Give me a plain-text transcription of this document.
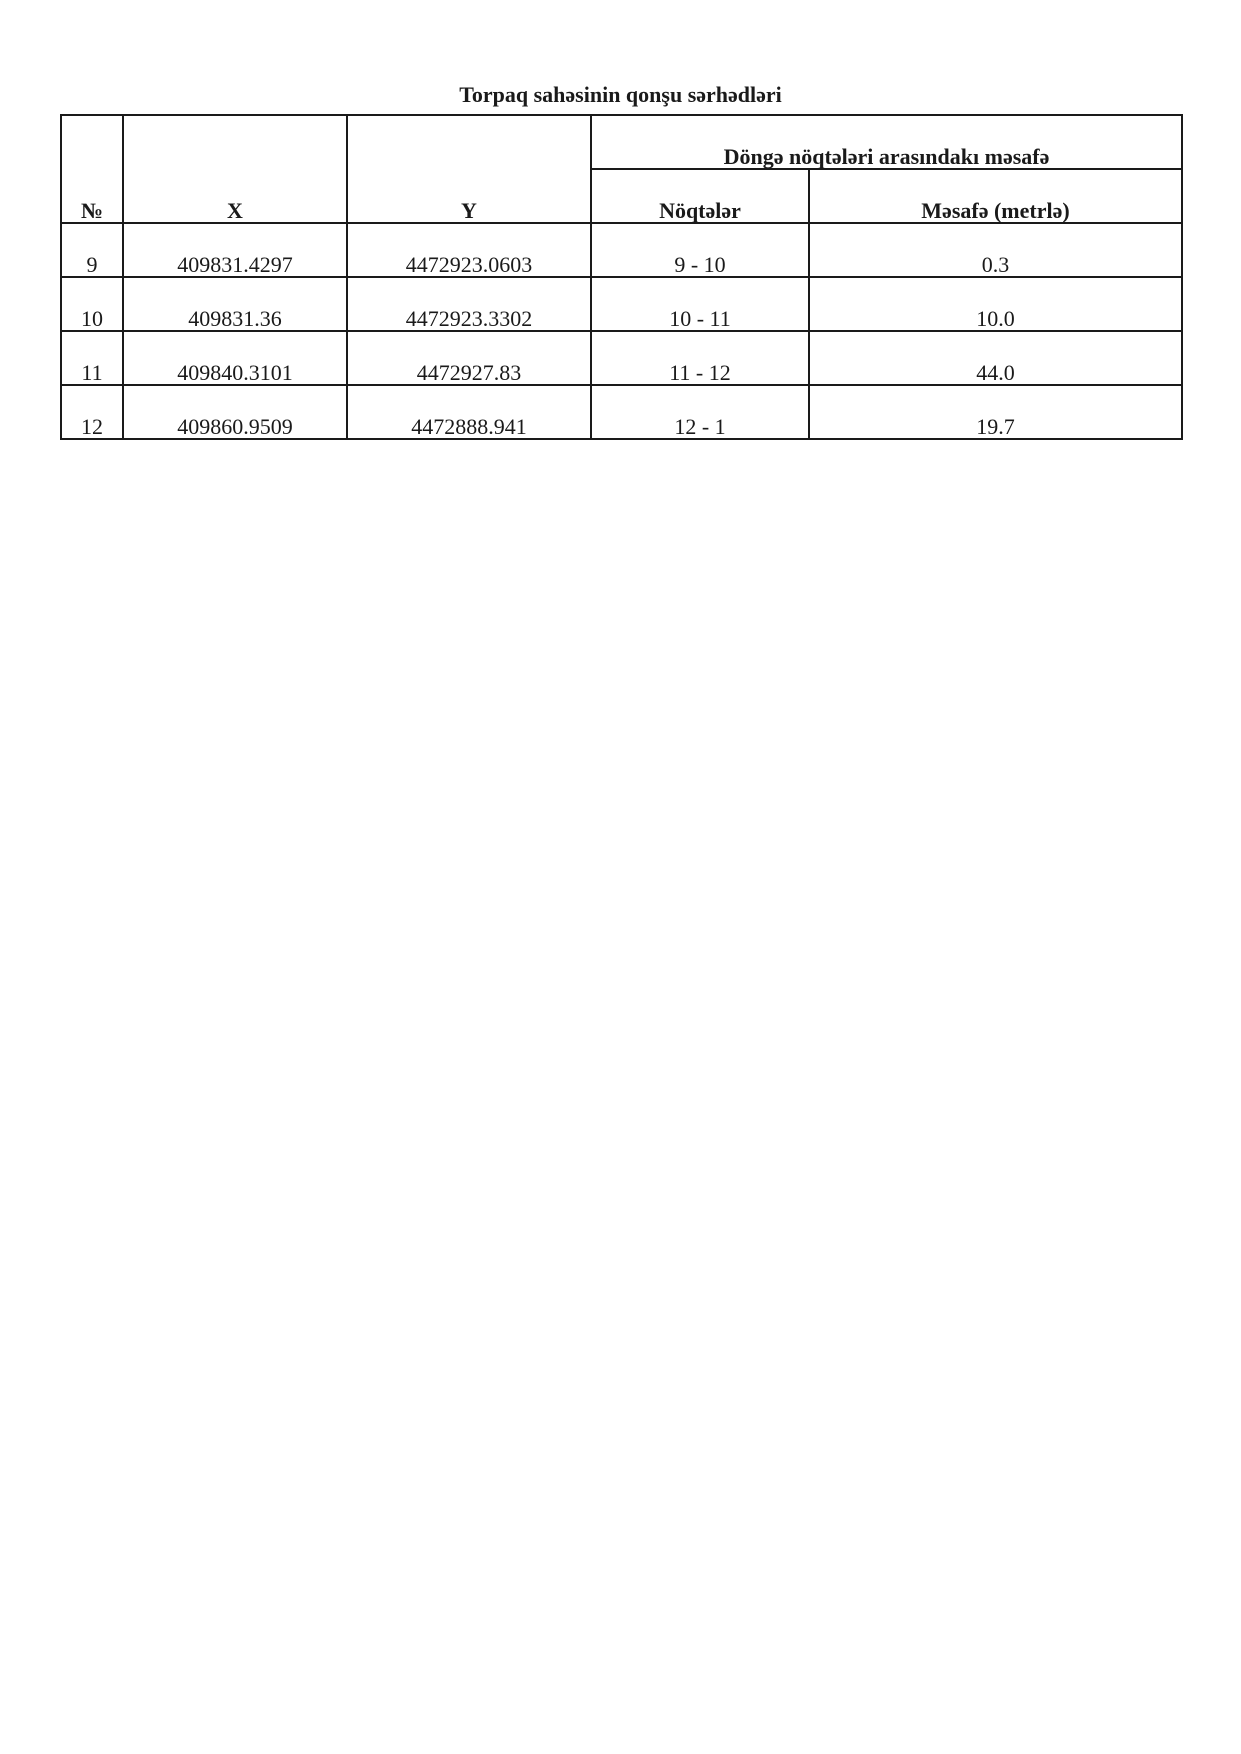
Torpaq sahəsinin qonşu sərhədləri
№	X	Y	Döngə nöqtələri arasındakı məsafə	
			Nöqtələr	Məsafə (metrlə)
9	409831.4297	4472923.0603	9 - 10	0.3
10	409831.36	4472923.3302	10 - 11	10.0
11	409840.3101	4472927.83	11 - 12	44.0
12	409860.9509	4472888.941	12 - 1	19.7
